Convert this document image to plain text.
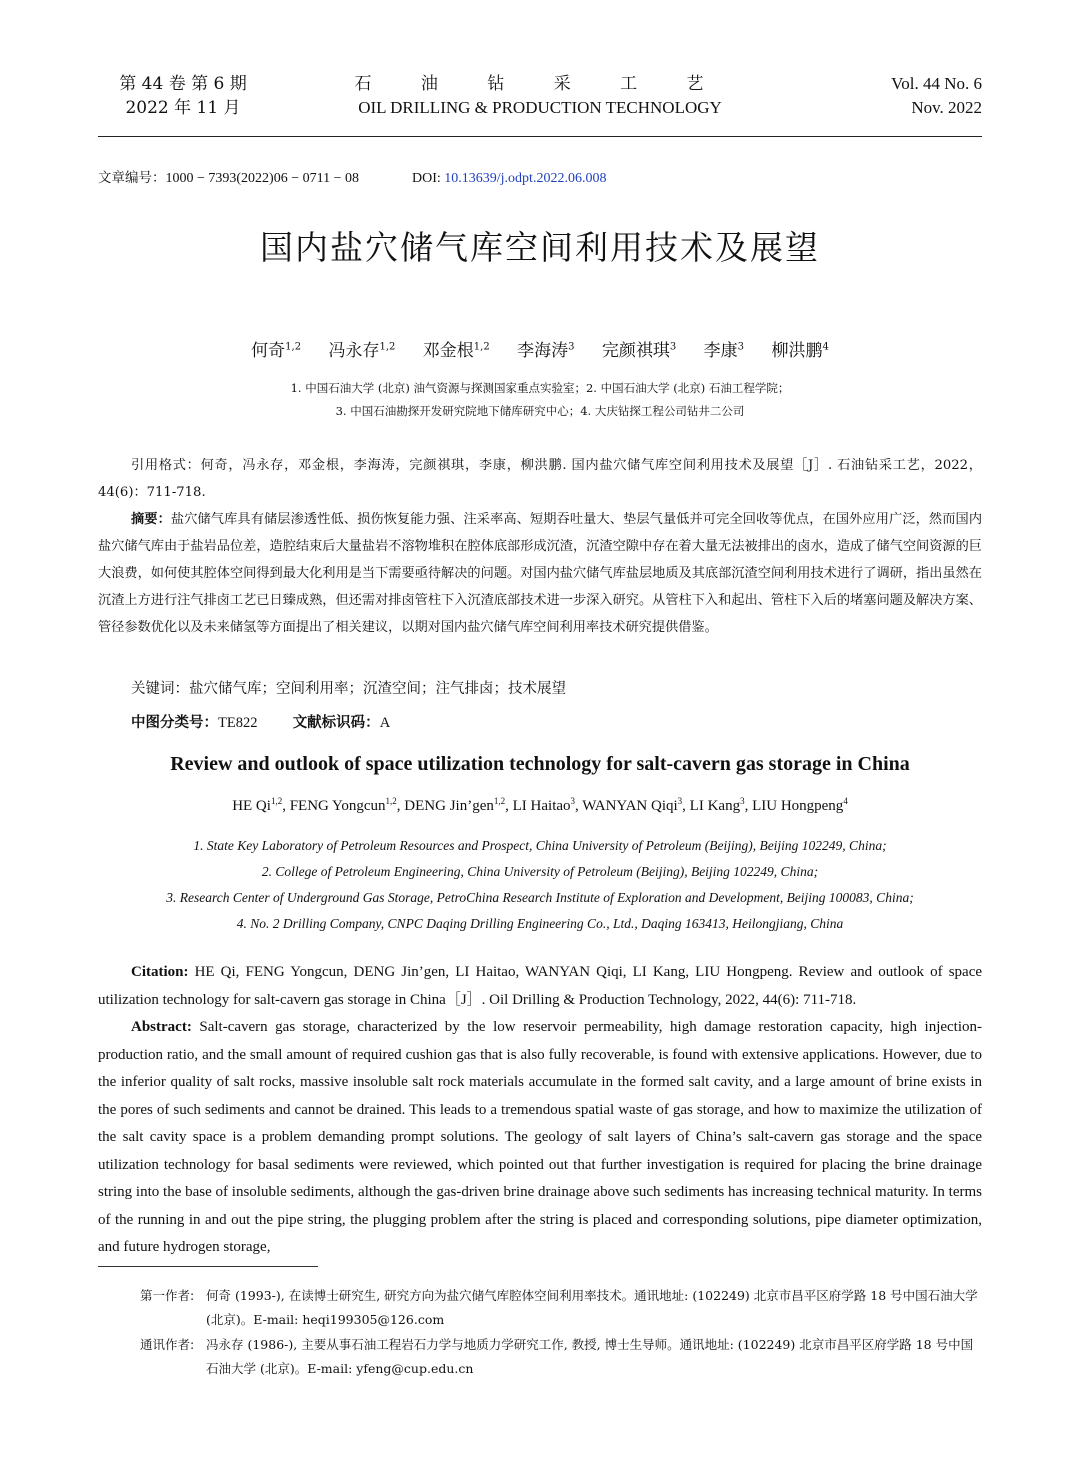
第 44 卷 第 6 期
2022 年 11 月
石 油 钻 采 工 艺
OIL DRILLING & PRODUCTION TECHNOLOGY
Vol. 44 No. 6
Nov. 2022
文章编号：1000 − 7393(2022)06 − 0711 − 08	DOI: 10.13639/j.odpt.2022.06.008
国内盐穴储气库空间利用技术及展望
何奇$^{1,2}$ 冯永存$^{1,2}$ 邓金根$^{1,2}$ 李海涛$^3$ 完颜祺琪$^3$ 李康$^3$ 柳洪鹏$^4$
1. 中国石油大学 (北京) 油气资源与探测国家重点实验室；2. 中国石油大学 (北京) 石油工程学院；
3. 中国石油勘探开发研究院地下储库研究中心；4. 大庆钻探工程公司钻井二公司
引用格式：何奇，冯永存，邓金根，李海涛，完颜祺琪，李康，柳洪鹏. 国内盐穴储气库空间利用技术及展望［J］. 石油钻采工艺，2022，44(6)：711-718.
摘要：盐穴储气库具有储层渗透性低、损伤恢复能力强、注采率高、短期吞吐量大、垫层气量低并可完全回收等优点，在国外应用广泛，然而国内盐穴储气库由于盐岩品位差，造腔结束后大量盐岩不溶物堆积在腔体底部形成沉渣，沉渣空隙中存在着大量无法被排出的卤水，造成了储气空间资源的巨大浪费，如何使其腔体空间得到最大化利用是当下需要亟待解决的问题。对国内盐穴储气库盐层地质及其底部沉渣空间利用技术进行了调研，指出虽然在沉渣上方进行注气排卤工艺已日臻成熟，但还需对排卤管柱下入沉渣底部技术进一步深入研究。从管柱下入和起出、管柱下入后的堵塞问题及解决方案、管径参数优化以及未来储氢等方面提出了相关建议，以期对国内盐穴储气库空间利用率技术研究提供借鉴。
关键词：盐穴储气库；空间利用率；沉渣空间；注气排卤；技术展望
中图分类号：TE822 文献标识码：A
Review and outlook of space utilization technology for salt-cavern gas storage in China
HE Qi$^{1,2}$, FENG Yongcun$^{1,2}$, DENG Jin’gen$^{1,2}$, LI Haitao$^3$, WANYAN Qiqi$^3$, LI Kang$^3$, LIU Hongpeng$^4$
1. State Key Laboratory of Petroleum Resources and Prospect, China University of Petroleum (Beijing), Beijing 102249, China;
2. College of Petroleum Engineering, China University of Petroleum (Beijing), Beijing 102249, China;
3. Research Center of Underground Gas Storage, PetroChina Research Institute of Exploration and Development, Beijing 100083, China;
4. No. 2 Drilling Company, CNPC Daqing Drilling Engineering Co., Ltd., Daqing 163413, Heilongjiang, China
Citation: HE Qi, FENG Yongcun, DENG Jin’gen, LI Haitao, WANYAN Qiqi, LI Kang, LIU Hongpeng. Review and outlook of space utilization technology for salt-cavern gas storage in China［J］. Oil Drilling & Production Technology, 2022, 44(6): 711-718.
Abstract: Salt-cavern gas storage, characterized by the low reservoir permeability, high damage restoration capacity, high injection-production ratio, and the small amount of required cushion gas that is also fully recoverable, is found with extensive applications. However, due to the inferior quality of salt rocks, massive insoluble salt rock materials accumulate in the formed salt cavity, and a large amount of brine exists in the pores of such sediments and cannot be drained. This leads to a tremendous spatial waste of gas storage, and how to maximize the utilization of the salt cavity space is a problem demanding prompt solutions. The geology of salt layers of China’s salt-cavern gas storage and the space utilization technology for basal sediments were reviewed, which pointed out that further investigation is required for placing the brine drainage string into the base of insoluble sediments, although the gas-driven brine drainage above such sediments has increasing technical maturity. In terms of the running in and out the pipe string, the plugging problem after the string is placed and corresponding solutions, pipe diameter optimization, and future hydrogen storage,
第一作者: 何奇 (1993-), 在读博士研究生, 研究方向为盐穴储气库腔体空间利用率技术。通讯地址: (102249) 北京市昌平区府学路 18 号中国石油大学 (北京)。E-mail: heqi199305@126.com
通讯作者: 冯永存 (1986-), 主要从事石油工程岩石力学与地质力学研究工作, 教授, 博士生导师。通讯地址: (102249) 北京市昌平区府学路 18 号中国石油大学 (北京)。E-mail: yfeng@cup.edu.cn
